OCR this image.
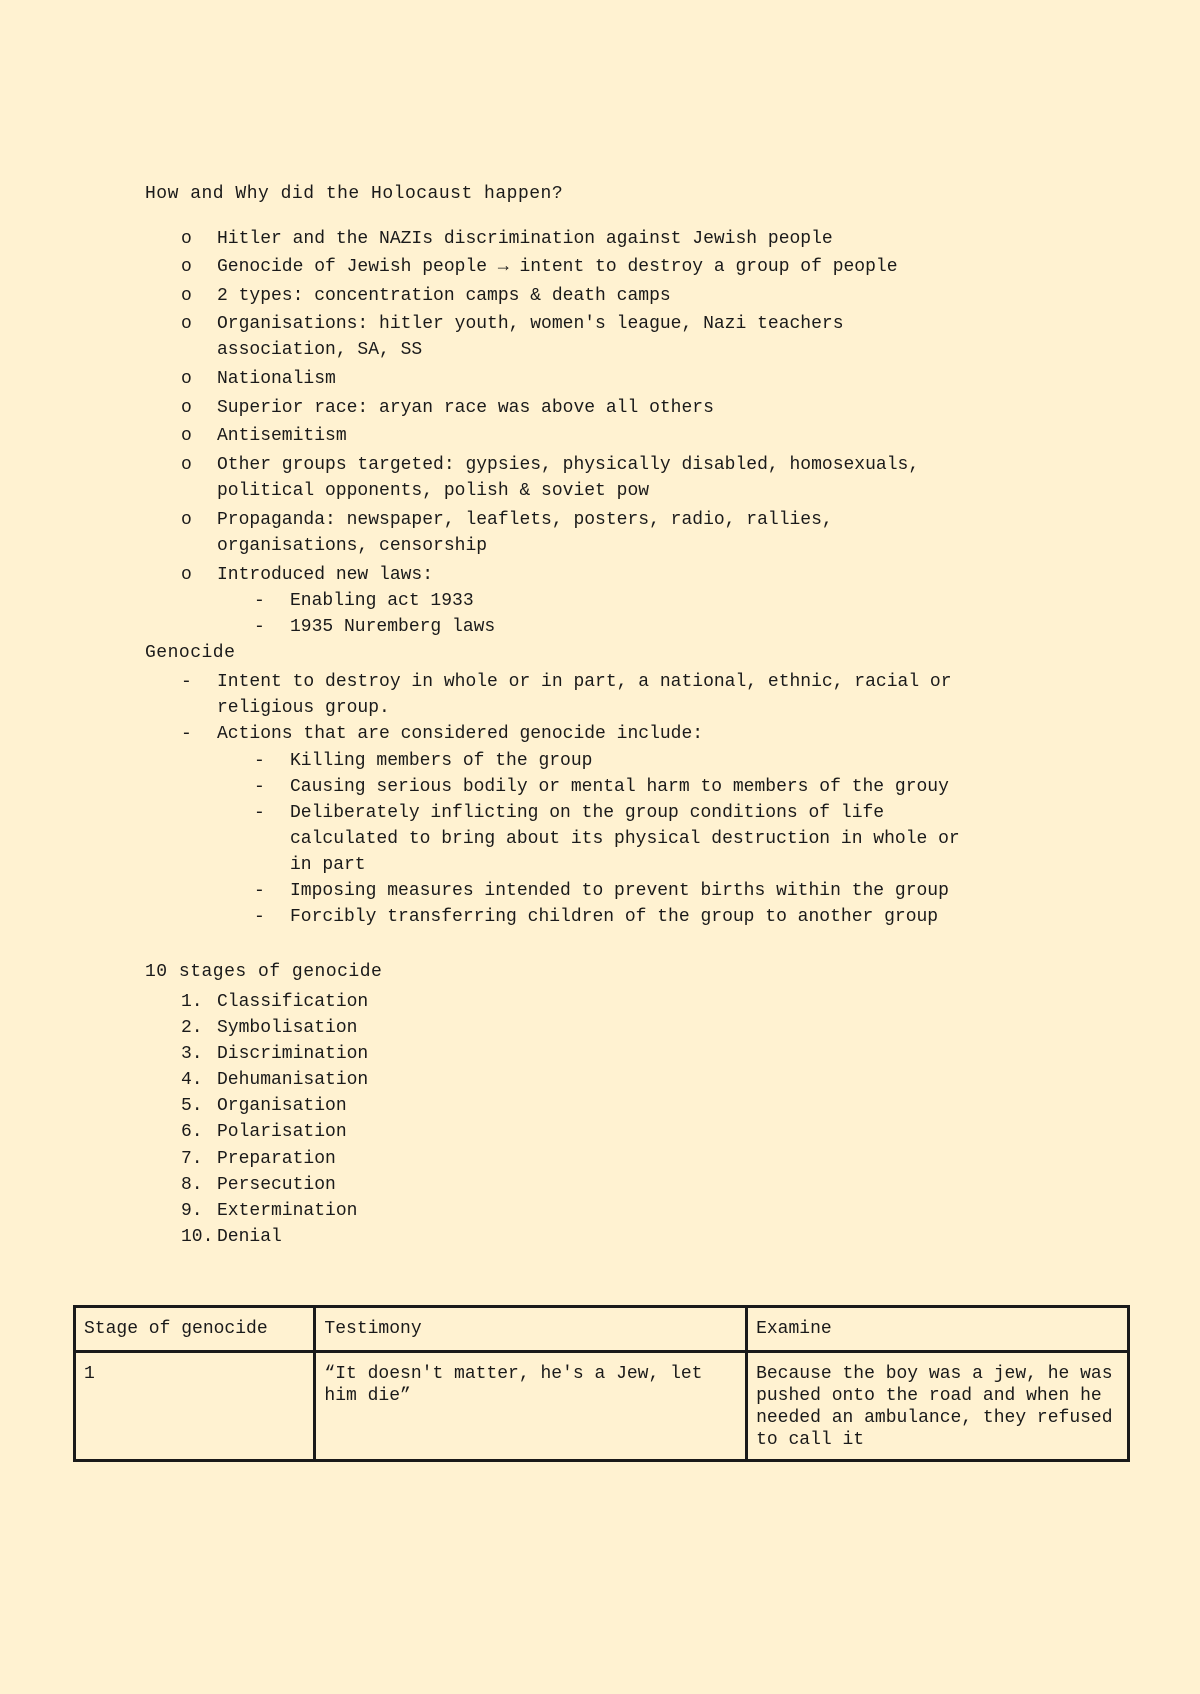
How and Why did the Holocaust happen?
o	Hitler and the NAZIs discrimination against Jewish people
o	Genocide of Jewish people → intent to destroy a group of people
o	2 types: concentration camps & death camps
o	Organisations: hitler youth, women's league, Nazi teachers
association, SA, SS
o	Nationalism
o	Superior race: aryan race was above all others
o	Antisemitism
o	Other groups targeted: gypsies, physically disabled, homosexuals,
political opponents, polish & soviet pow
o	Propaganda: newspaper, leaflets, posters, radio, rallies,
organisations, censorship
o	Introduced new laws:
-	Enabling act 1933
-	1935 Nuremberg laws
Genocide
-	Intent to destroy in whole or in part, a national, ethnic, racial or
religious group.
-	Actions that are considered genocide include:
-	Killing members of the group
-	Causing serious bodily or mental harm to members of the grouy
-	Deliberately inflicting on the group conditions of life
calculated to bring about its physical destruction in whole or
in part
-	Imposing measures intended to prevent births within the group
-	Forcibly transferring children of the group to another group
10 stages of genocide
1. Classification
2. Symbolisation
3. Discrimination
4. Dehumanisation
5. Organisation
6. Polarisation
7. Preparation
8. Persecution
9. Extermination
10. Denial
Stage of genocide	Testimony	Examine
1	“It doesn't matter, he's a Jew, let him die”	Because the boy was a jew, he was pushed onto the road and when he needed an ambulance, they refused to call it
